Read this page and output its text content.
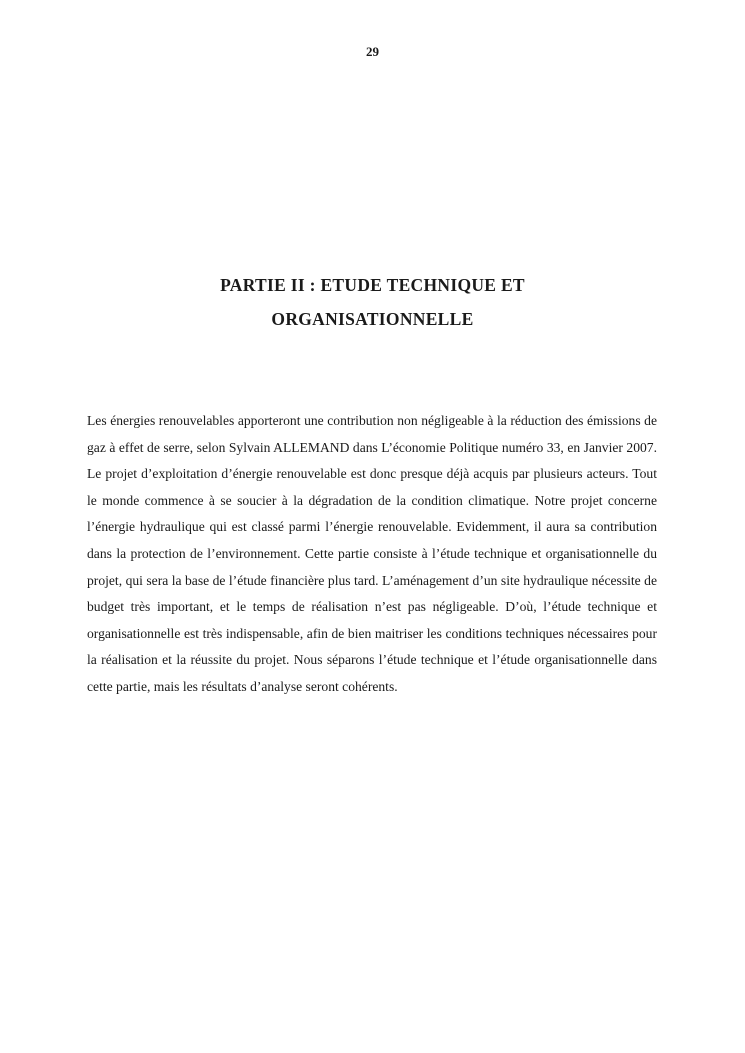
29
PARTIE II : ETUDE TECHNIQUE ET
ORGANISATIONNELLE

Les énergies renouvelables apporteront une contribution non négligeable à la réduction des émissions de gaz à effet de serre, selon Sylvain ALLEMAND dans L’économie Politique numéro 33, en Janvier 2007. Le projet d’exploitation d’énergie renouvelable est donc presque déjà acquis par plusieurs acteurs. Tout le monde commence à se soucier à la dégradation de la condition climatique. Notre projet concerne l’énergie hydraulique qui est classé parmi l’énergie renouvelable. Evidemment, il aura sa contribution dans la protection de l’environnement. Cette partie consiste à l’étude technique et organisationnelle du projet, qui sera la base de l’étude financière plus tard. L’aménagement d’un site hydraulique nécessite de budget très important, et le temps de réalisation n’est pas négligeable. D’où, l’étude technique et organisationnelle est très indispensable, afin de bien maitriser les conditions techniques nécessaires pour la réalisation et la réussite du projet. Nous séparons l’étude technique et l’étude organisationnelle dans cette partie, mais les résultats d’analyse seront cohérents.
